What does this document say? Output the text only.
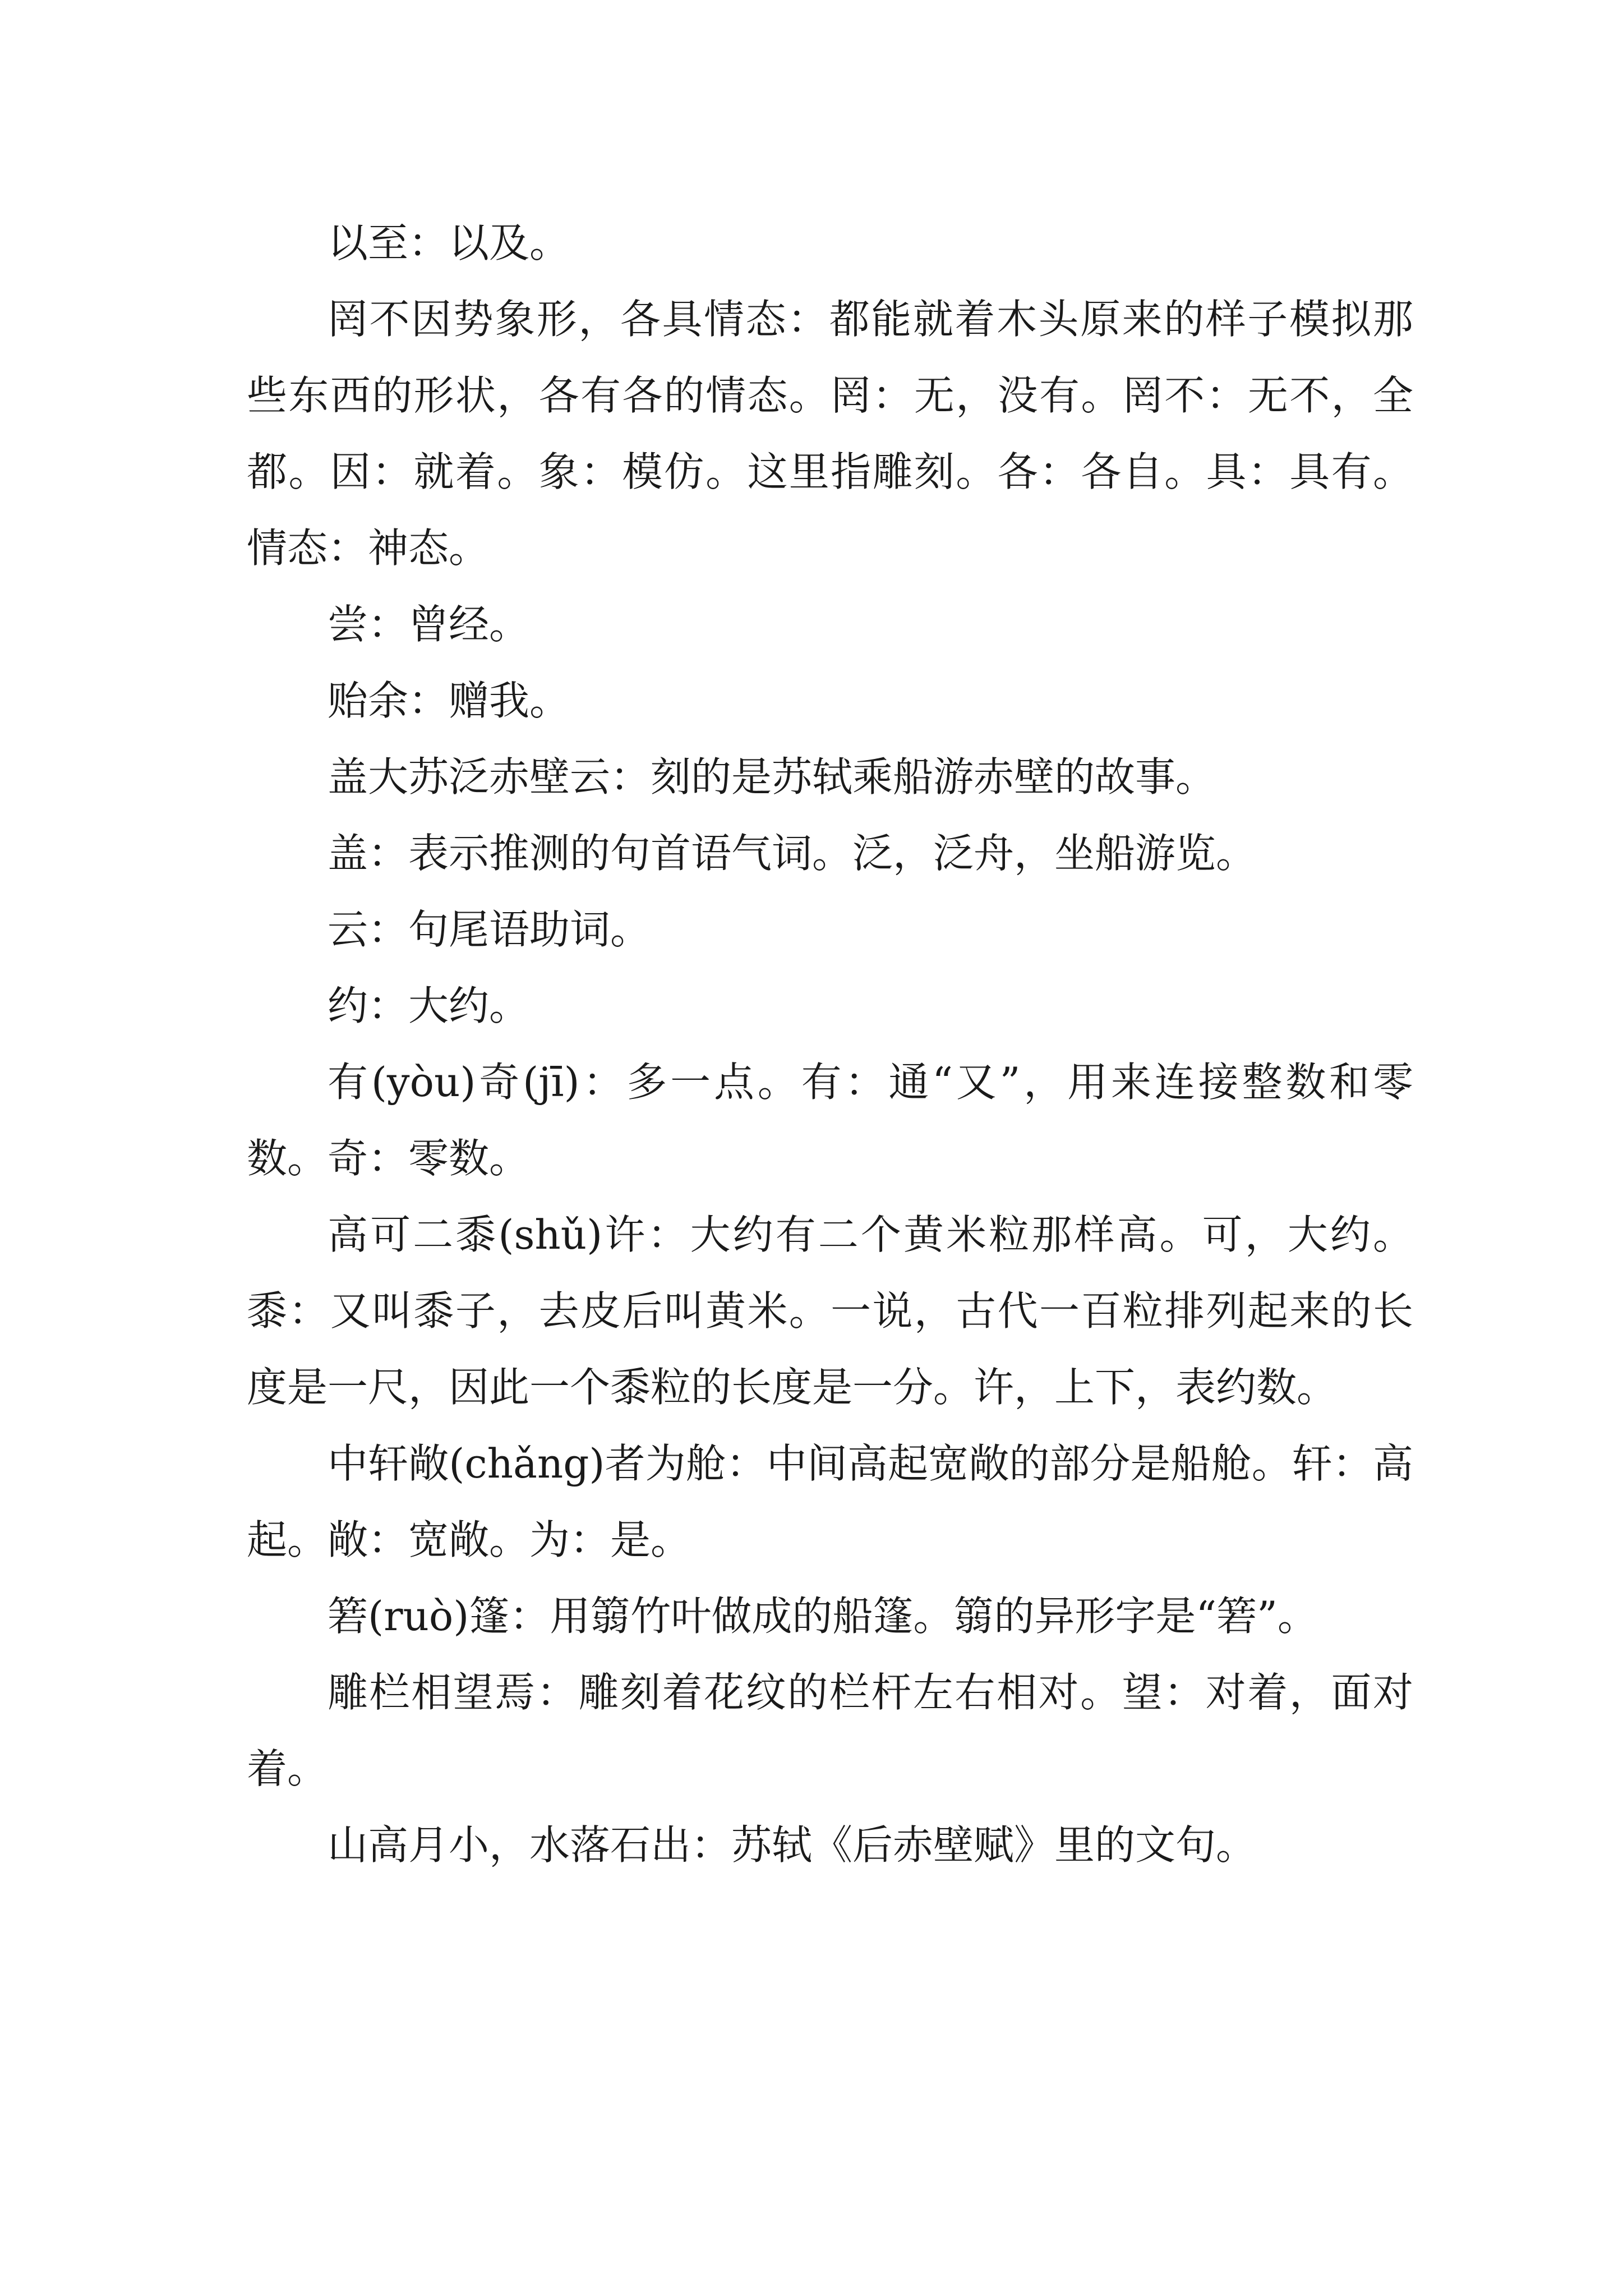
以至：以及。

罔不因势象形，各具情态：都能就着木头原来的样子模拟那些东西的形状，各有各的情态。罔：无，没有。罔不：无不，全都。因：就着。象：模仿。这里指雕刻。各：各自。具：具有。情态：神态。

尝：曾经。

贻余：赠我。

盖大苏泛赤壁云：刻的是苏轼乘船游赤壁的故事。

盖：表示推测的句首语气词。泛，泛舟，坐船游览。

云：句尾语助词。

约：大约。

有(yòu)奇(jī)：多一点。有：通“又”，用来连接整数和零数。奇：零数。

高可二黍(shǔ)许：大约有二个黄米粒那样高。可，大约。黍：又叫黍子，去皮后叫黄米。一说，古代一百粒排列起来的长度是一尺，因此一个黍粒的长度是一分。许，上下，表约数。

中轩敞(chǎng)者为舱：中间高起宽敞的部分是船舱。轩：高起。敞：宽敞。为：是。

箬(ruò)篷：用篛竹叶做成的船篷。篛的异形字是“箬”。

雕栏相望焉：雕刻着花纹的栏杆左右相对。望：对着，面对着。

山高月小，水落石出：苏轼《后赤壁赋》里的文句。
